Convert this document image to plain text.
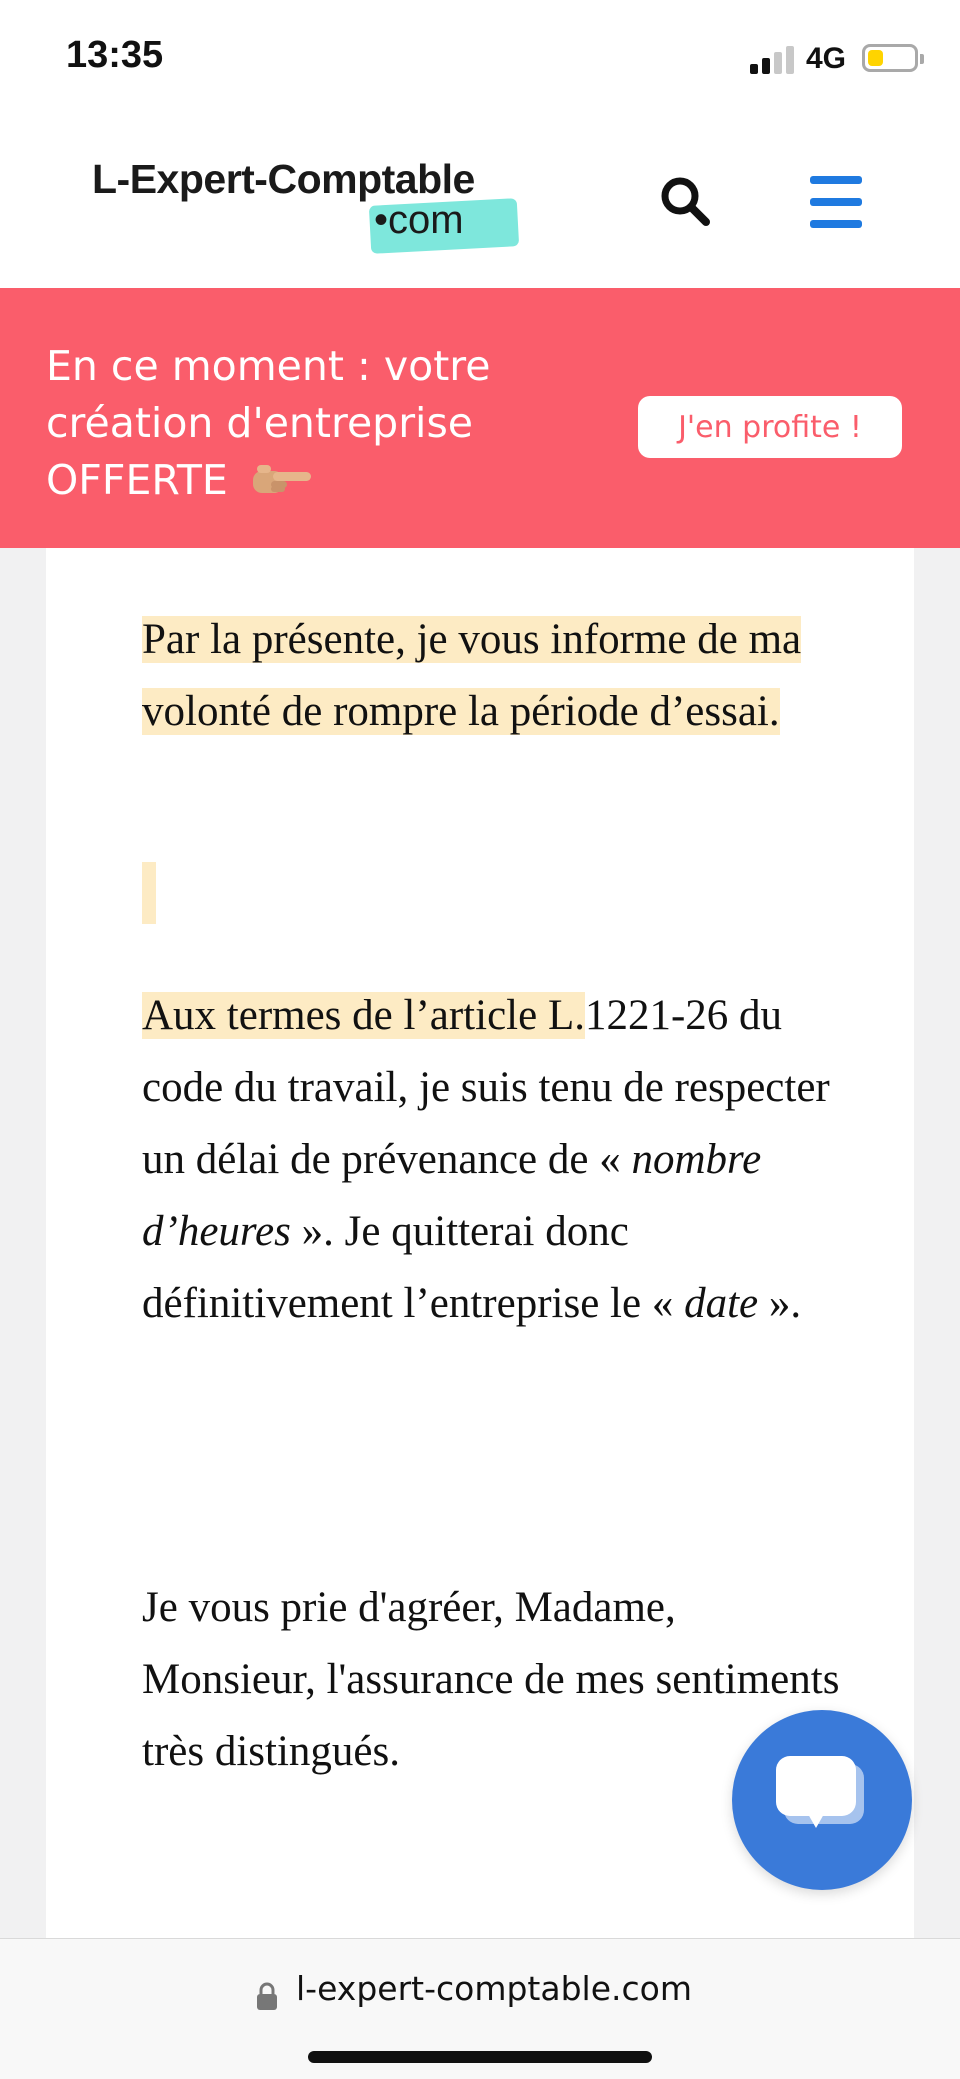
13:35	4G
L-Expert-Comptable
•com
En ce moment : votre
création d'entreprise
OFFERTE
J'en profite !

Par la présente, je vous informe de ma volonté de rompre la période d’essai.

Aux termes de l’article L.1221-26 du code du travail, je suis tenu de respecter un délai de prévenance de « nombre d’heures ». Je quitterai donc définitivement l’entreprise le « date ».

Je vous prie d'agréer, Madame, Monsieur, l'assurance de mes sentiments très distingués.

l-expert-comptable.com
